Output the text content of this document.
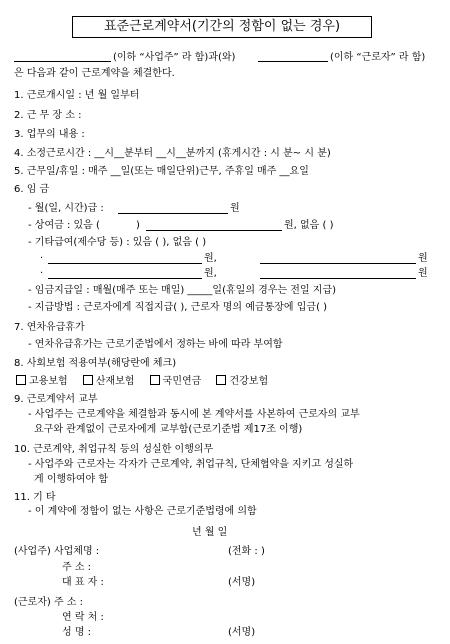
표준근로계약서(기간의 정함이 없는 경우)
(이하 “사업주” 라 함)과(와)	(이하 “근로자” 라 함)
은 다음과 같이 근로계약을 체결한다.
1. 근로개시일 : 년 월 일부터
2. 근 무 장 소 :
3. 업무의 내용 :
4. 소정근로시간 : __시__분부터 __시__분까지 (휴게시간 : 시 분~ 시 분)
5. 근무일/휴일 : 매주 __일(또는 매일단위)근무, 주휴일 매주 __요일
6. 임 금
- 월(일, 시간)급 :	원
- 상여금 : 있음 (	)	원, 없음 ( )
- 기타급여(제수당 등) : 있음 ( ), 없음 ( )
·	원,	원
·	원,	원
- 임금지급일 : 매월(매주 또는 매일) _____일(휴일의 경우는 전일 지급)
- 지급방법 : 근로자에게 직접지급( ), 근로자 명의 예금통장에 입금( )
7. 연차유급휴가
- 연차유급휴가는 근로기준법에서 정하는 바에 따라 부여함
8. 사회보험 적용여부(해당란에 체크)
고용보험	산재보험	국민연금	건강보험
9. 근로계약서 교부
- 사업주는 근로계약을 체결함과 동시에 본 계약서를 사본하여 근로자의 교부
요구와 관계없이 근로자에게 교부함(근로기준법 제17조 이행)
10. 근로계약, 취업규칙 등의 성실한 이행의무
- 사업주와 근로자는 각자가 근로계약, 취업규칙, 단체협약을 지키고 성실하
게 이행하여야 함
11. 기 타
- 이 계약에 정함이 없는 사항은 근로기준법령에 의함
년 월 일
(사업주) 사업체명 :	(전화 : )
주 소 :
대 표 자 :	(서명)
(근로자) 주 소 :
연 락 처 :
성 명 :	(서명)
